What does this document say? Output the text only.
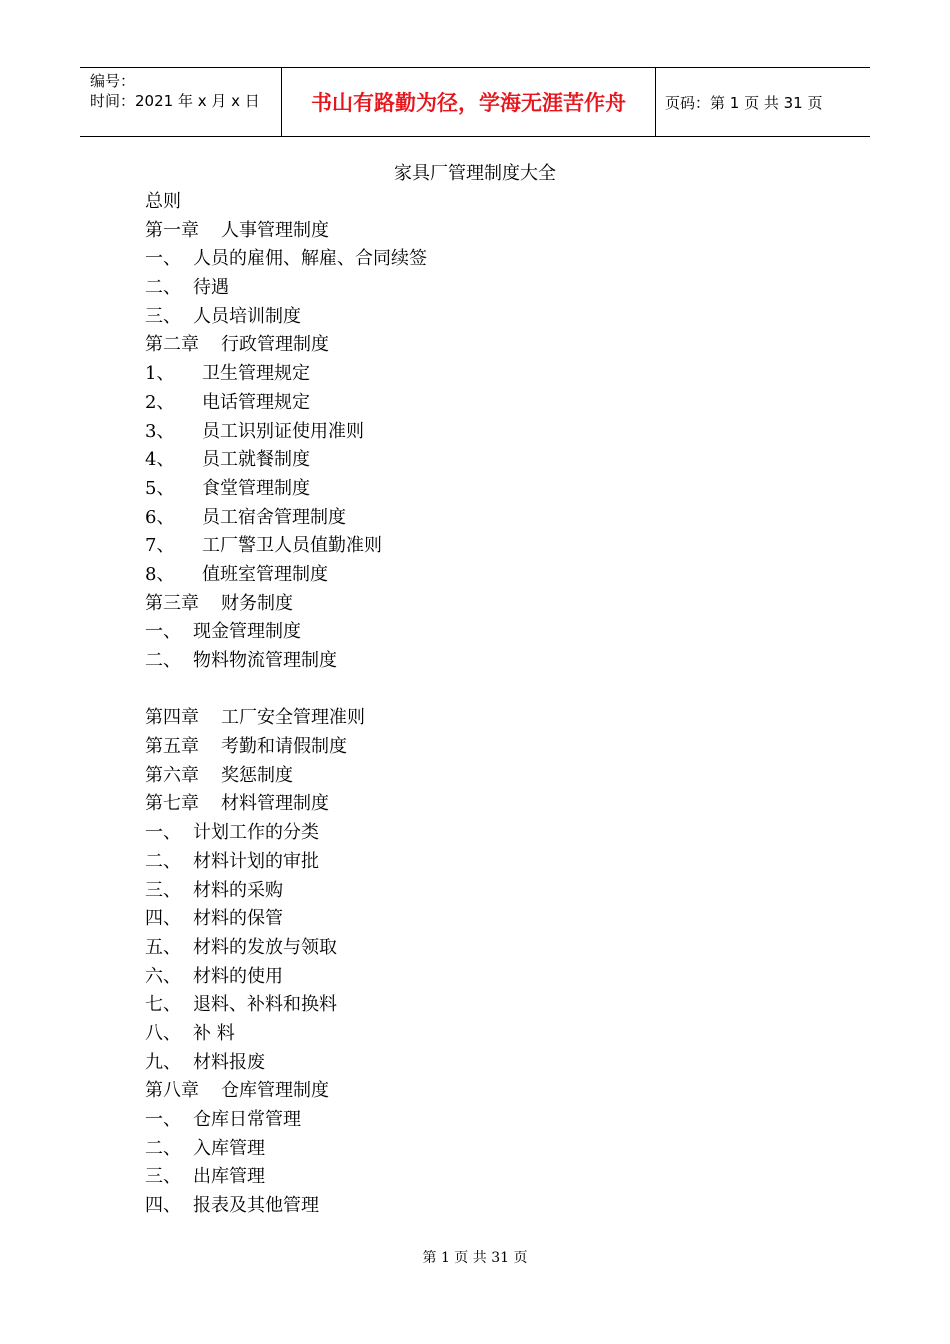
编号：
时间：2021 年 x 月 x 日 书山有路勤为径，学海无涯苦作舟	页码：第 1 页 共 31 页
家具厂管理制度大全
总则
第一章 人事管理制度
一、 人员的雇佣、解雇、合同续签
二、 待遇
三、 人员培训制度
第二章 行政管理制度
1、 卫生管理规定
2、 电话管理规定
3、 员工识别证使用准则
4、 员工就餐制度
5、 食堂管理制度
6、 员工宿舍管理制度
7、 工厂警卫人员值勤准则
8、 值班室管理制度
第三章 财务制度
一、 现金管理制度
二、 物料物流管理制度
第四章 工厂安全管理准则
第五章 考勤和请假制度
第六章 奖惩制度
第七章 材料管理制度
一、 计划工作的分类
二、 材料计划的审批
三、 材料的采购
四、 材料的保管
五、 材料的发放与领取
六、 材料的使用
七、 退料、补料和换料
八、 补 料
九、 材料报废
第八章 仓库管理制度
一、 仓库日常管理
二、 入库管理
三、 出库管理
四、 报表及其他管理
第 1 页 共 31 页
